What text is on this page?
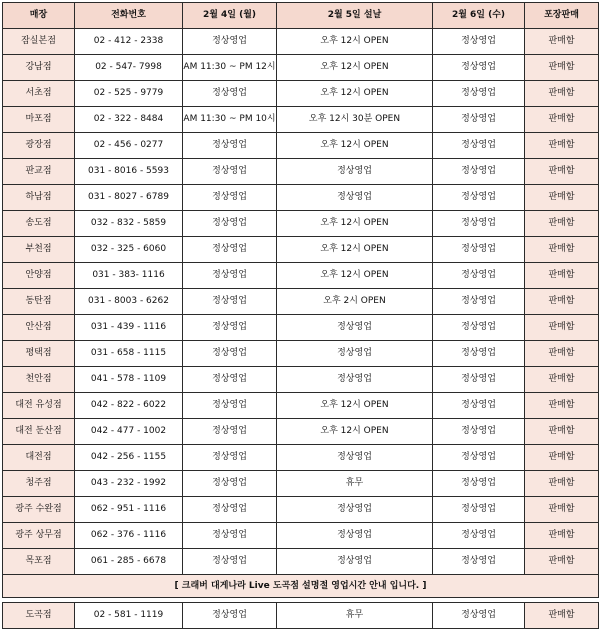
매장	전화번호	2월 4일 (월)	2월 5일 설날	2월 6일 (수)	포장판매
잠실본점	02 - 412 - 2338	정상영업	오후 12시 OPEN	정상영업	판매함
강남점	02 - 547- 7998	AM 11:30 ~ PM 12시	오후 12시 OPEN	정상영업	판매함
서초점	02 - 525 - 9779	정상영업	오후 12시 OPEN	정상영업	판매함
마포점	02 - 322 - 8484	AM 11:30 ~ PM 10시	오후 12시 30분 OPEN	정상영업	판매함
광장점	02 - 456 - 0277	정상영업	오후 12시 OPEN	정상영업	판매함
판교점	031 - 8016 - 5593	정상영업	정상영업	정상영업	판매함
하남점	031 - 8027 - 6789	정상영업	정상영업	정상영업	판매함
송도점	032 - 832 - 5859	정상영업	오후 12시 OPEN	정상영업	판매함
부천점	032 - 325 - 6060	정상영업	오후 12시 OPEN	정상영업	판매함
안양점	031 - 383- 1116	정상영업	오후 12시 OPEN	정상영업	판매함
동탄점	031 - 8003 - 6262	정상영업	오후 2시 OPEN	정상영업	판매함
안산점	031 - 439 - 1116	정상영업	정상영업	정상영업	판매함
평택점	031 - 658 - 1115	정상영업	정상영업	정상영업	판매함
천안점	041 - 578 - 1109	정상영업	정상영업	정상영업	판매함
대전 유성점	042 - 822 - 6022	정상영업	오후 12시 OPEN	정상영업	판매함
대전 둔산점	042 - 477 - 1002	정상영업	오후 12시 OPEN	정상영업	판매함
대전점	042 - 256 - 1155	정상영업	정상영업	정상영업	판매함
청주점	043 - 232 - 1992	정상영업	휴무	정상영업	판매함
광주 수완점	062 - 951 - 1116	정상영업	정상영업	정상영업	판매함
광주 상무점	062 - 376 - 1116	정상영업	정상영업	정상영업	판매함
목포점	061 - 285 - 6678	정상영업	정상영업	정상영업	판매함
[ 크래버 대게나라 Live 도곡점 설명절 영업시간 안내 입니다. ]					

도곡점	02 - 581 - 1119	정상영업	휴무	정상영업	판매함
